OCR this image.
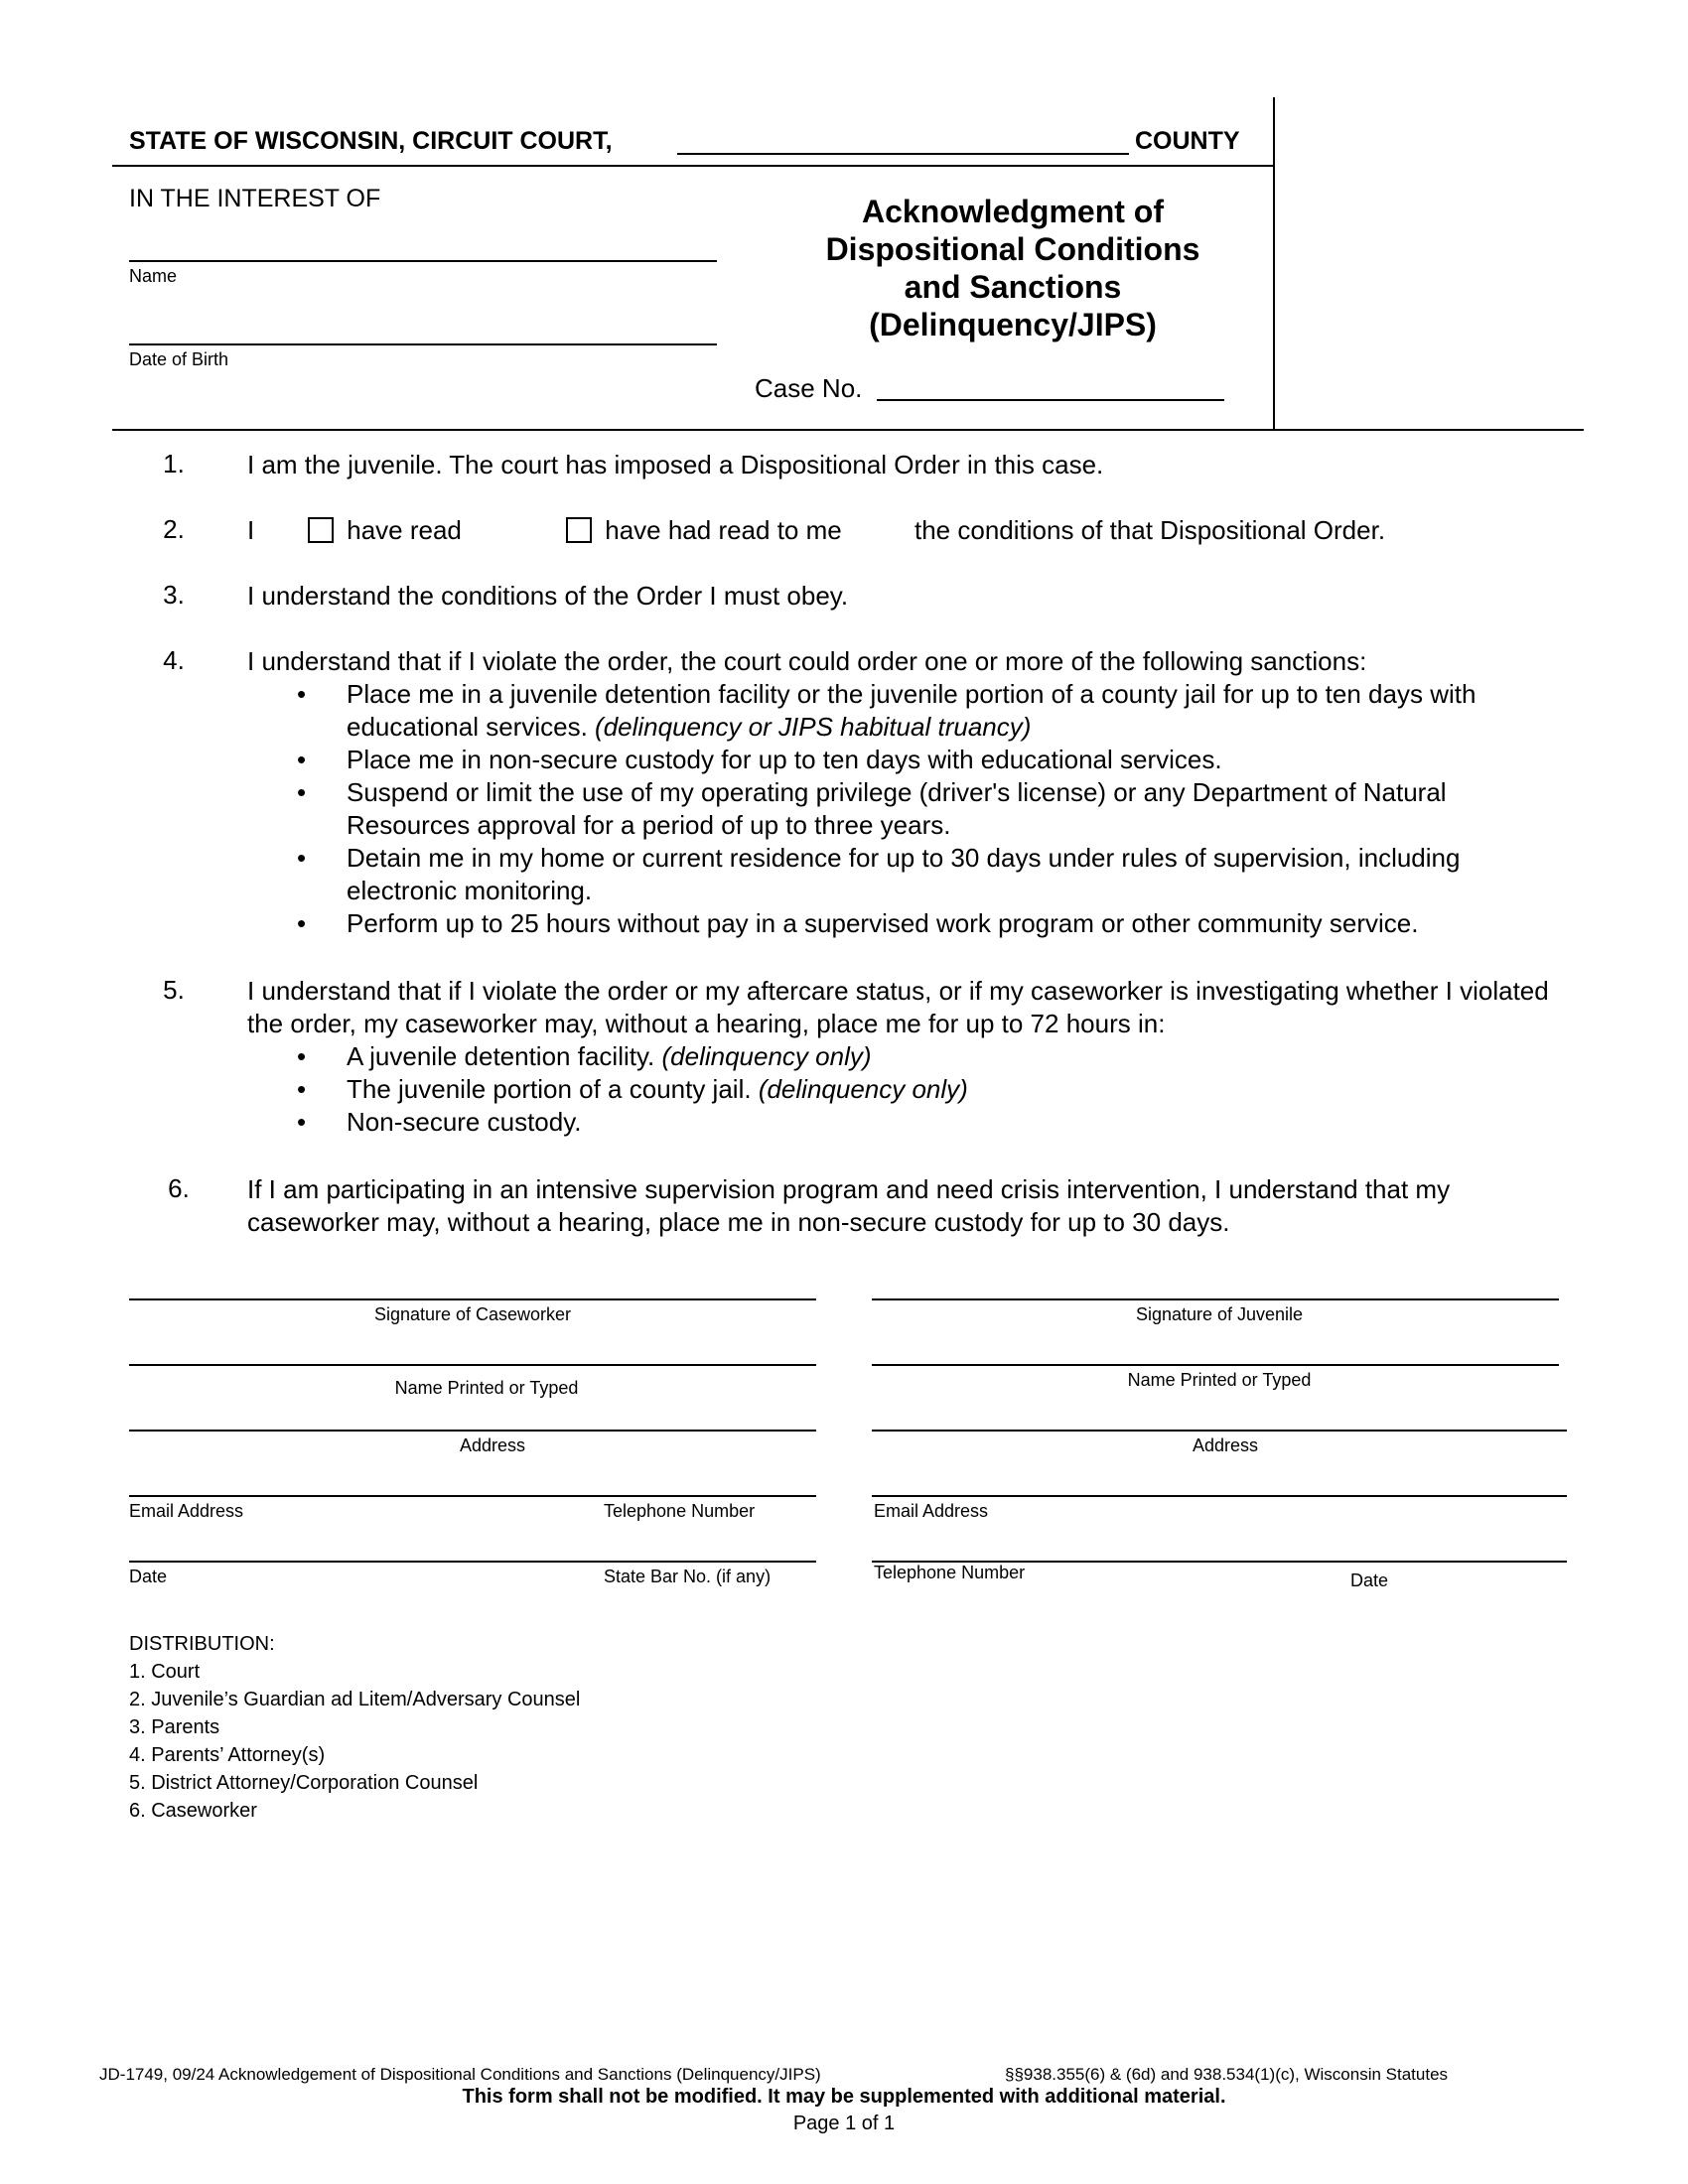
STATE OF WISCONSIN, CIRCUIT COURT,	COUNTY
IN THE INTEREST OF
Name
Date of Birth
Acknowledgment of
Dispositional Conditions
and Sanctions
(Delinquency/JIPS)
Case No.
1.	I am the juvenile. The court has imposed a Dispositional Order in this case.
2.	I	have read	have had read to me	the conditions of that Dispositional Order.
3.	I understand the conditions of the Order I must obey.
4.	I understand that if I violate the order, the court could order one or more of the following sanctions:
• Place me in a juvenile detention facility or the juvenile portion of a county jail for up to ten days with educational services. (delinquency or JIPS habitual truancy)
• Place me in non-secure custody for up to ten days with educational services.
• Suspend or limit the use of my operating privilege (driver's license) or any Department of Natural Resources approval for a period of up to three years.
• Detain me in my home or current residence for up to 30 days under rules of supervision, including electronic monitoring.
• Perform up to 25 hours without pay in a supervised work program or other community service.
5.	I understand that if I violate the order or my aftercare status, or if my caseworker is investigating whether I violated the order, my caseworker may, without a hearing, place me for up to 72 hours in:
• A juvenile detention facility. (delinquency only)
• The juvenile portion of a county jail. (delinquency only)
• Non-secure custody.
6.	If I am participating in an intensive supervision program and need crisis intervention, I understand that my caseworker may, without a hearing, place me in non-secure custody for up to 30 days.
Signature of Caseworker
Name Printed or Typed
Address
Email Address	Telephone Number
Date	State Bar No. (if any)
Signature of Juvenile
Name Printed or Typed
Address
Email Address
Telephone Number	Date
DISTRIBUTION:
1. Court
2. Juvenile’s Guardian ad Litem/Adversary Counsel
3. Parents
4. Parents’ Attorney(s)
5. District Attorney/Corporation Counsel
6. Caseworker
JD-1749, 09/24 Acknowledgement of Dispositional Conditions and Sanctions (Delinquency/JIPS)	§§938.355(6) & (6d) and 938.534(1)(c), Wisconsin Statutes
This form shall not be modified. It may be supplemented with additional material.
Page 1 of 1
